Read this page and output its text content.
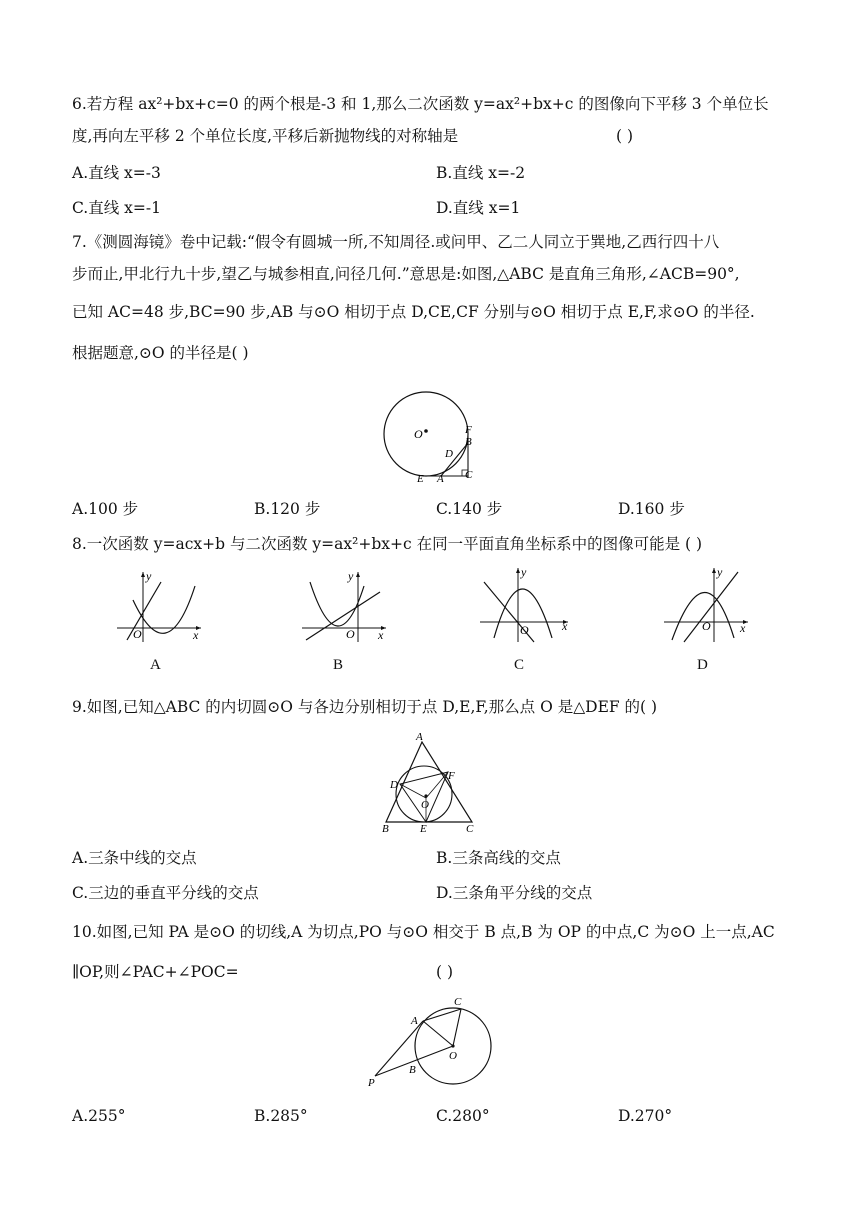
6.若方程 ax²+bx+c=0 的两个根是-3 和 1,那么二次函数 y=ax²+bx+c 的图像向下平移 3 个单位长
度,再向左平移 2 个单位长度,平移后新抛物线的对称轴是	( )
A.直线 x=-3	B.直线 x=-2
C.直线 x=-1	D.直线 x=1
7.《测圆海镜》卷中记载:“假令有圆城一所,不知周径.或问甲、乙二人同立于巽地,乙西行四十八
步而止,甲北行九十步,望乙与城参相直,问径几何.”意思是:如图,△ABC 是直角三角形,∠ACB=90°,
已知 AC=48 步,BC=90 步,AB 与⊙O 相切于点 D,CE,CF 分别与⊙O 相切于点 E,F,求⊙O 的半径.
根据题意,⊙O 的半径是( )
O	F
B
D
C
E A
A.100 步	B.120 步	C.140 步	D.160 步
8.一次函数 y=acx+b 与二次函数 y=ax²+bx+c 在同一平面直角坐标系中的图像可能是 ( )
y
x
O
A
y
x
O
B
y
x
O
C
y
x
O
D
9.如图,已知△ABC 的内切圆⊙O 与各边分别相切于点 D,E,F,那么点 O 是△DEF 的( )
A
D
F
O
B	E	C
A.三条中线的交点	B.三条高线的交点
C.三边的垂直平分线的交点	D.三条角平分线的交点
10.如图,已知 PA 是⊙O 的切线,A 为切点,PO 与⊙O 相交于 B 点,B 为 OP 的中点,C 为⊙O 上一点,AC
∥OP,则∠PAC+∠POC=	( )
C
A
O
B
P
A.255°	B.285°	C.280°	D.270°
